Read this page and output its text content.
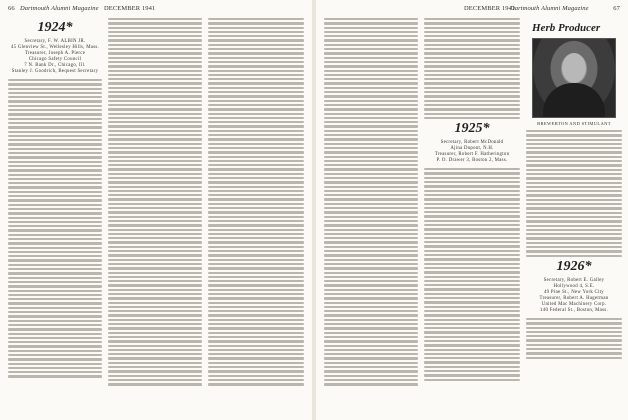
66 Dartmouth Alumni Magazine DECEMBER 1941
1924*
Secretary, F. W. ALBIN JR.
45 Glenview St., Wellesley Hills, Mass.
Treasurer, Joseph A. Pierce
Chicago Safety Council
7 N. Bank Dr., Chicago, Ill.
Stanley J. Goodrich, Bequest Secretary
DECEMBER 1941
Dartmouth Alumni Magazine	67
1925*
Secretary, Robert McDonald
Ajina Dupont, N.H.
Treasurer, Robert F. Hatherington
P. O. Drawer 3, Boston 2, Mass.
Herb Producer
BREWERTON AND STIMULANT
1926*
Secretary, Robert E. Galley
Hollywood 4, S.E.
49 Pine St., New York City
Treasurer, Robert A. Hagerman
United Mac Machinery Corp.
140 Federal St., Boston, Mass.
